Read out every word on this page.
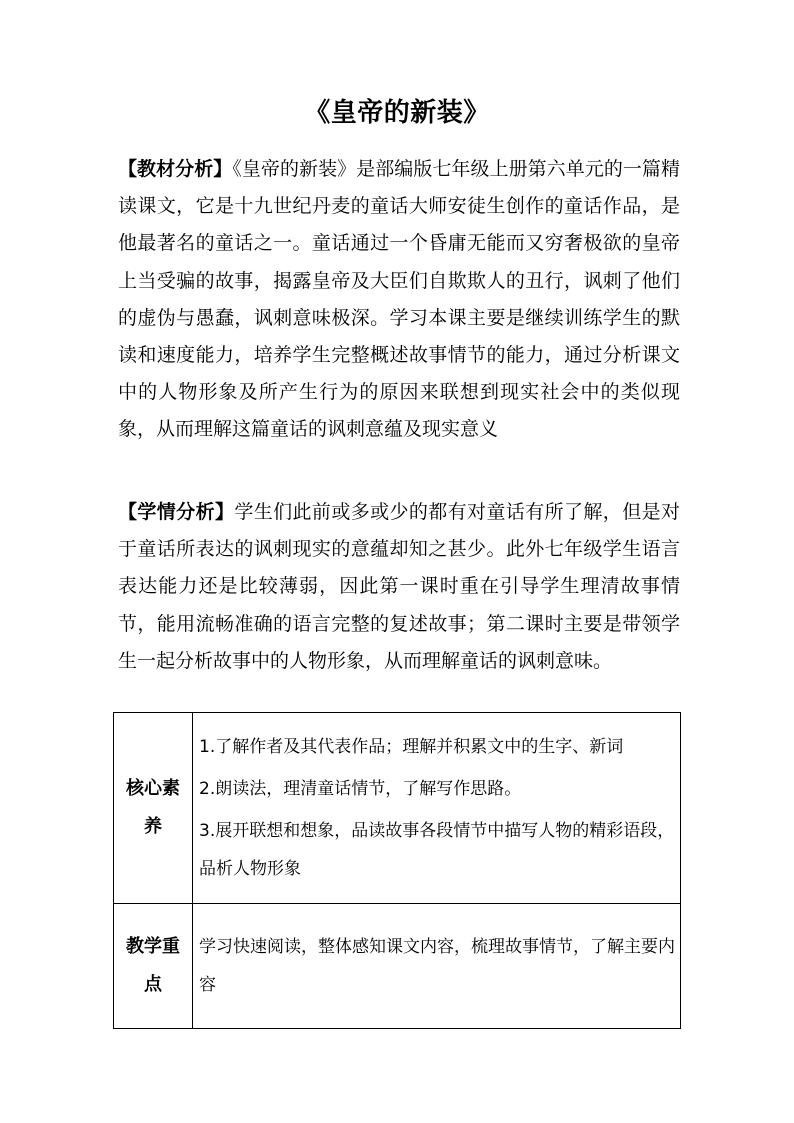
《皇帝的新装》
【教材分析】《皇帝的新装》是部编版七年级上册第六单元的一篇精读课文，它是十九世纪丹麦的童话大师安徒生创作的童话作品，是他最著名的童话之一。童话通过一个昏庸无能而又穷奢极欲的皇帝上当受骗的故事，揭露皇帝及大臣们自欺欺人的丑行，讽刺了他们的虚伪与愚蠢，讽刺意味极深。学习本课主要是继续训练学生的默读和速度能力，培养学生完整概述故事情节的能力，通过分析课文中的人物形象及所产生行为的原因来联想到现实社会中的类似现象，从而理解这篇童话的讽刺意蕴及现实意义
【学情分析】学生们此前或多或少的都有对童话有所了解，但是对于童话所表达的讽刺现实的意蕴却知之甚少。此外七年级学生语言表达能力还是比较薄弱，因此第一课时重在引导学生理清故事情节，能用流畅准确的语言完整的复述故事；第二课时主要是带领学生一起分析故事中的人物形象，从而理解童话的讽刺意味。
核心素养	1.了解作者及其代表作品；理解并积累文中的生字、新词
2.朗读法，理清童话情节，了解写作思路。
3.展开联想和想象，品读故事各段情节中描写人物的精彩语段，品析人物形象

教学重点	学习快速阅读，整体感知课文内容，梳理故事情节，了解主要内容
